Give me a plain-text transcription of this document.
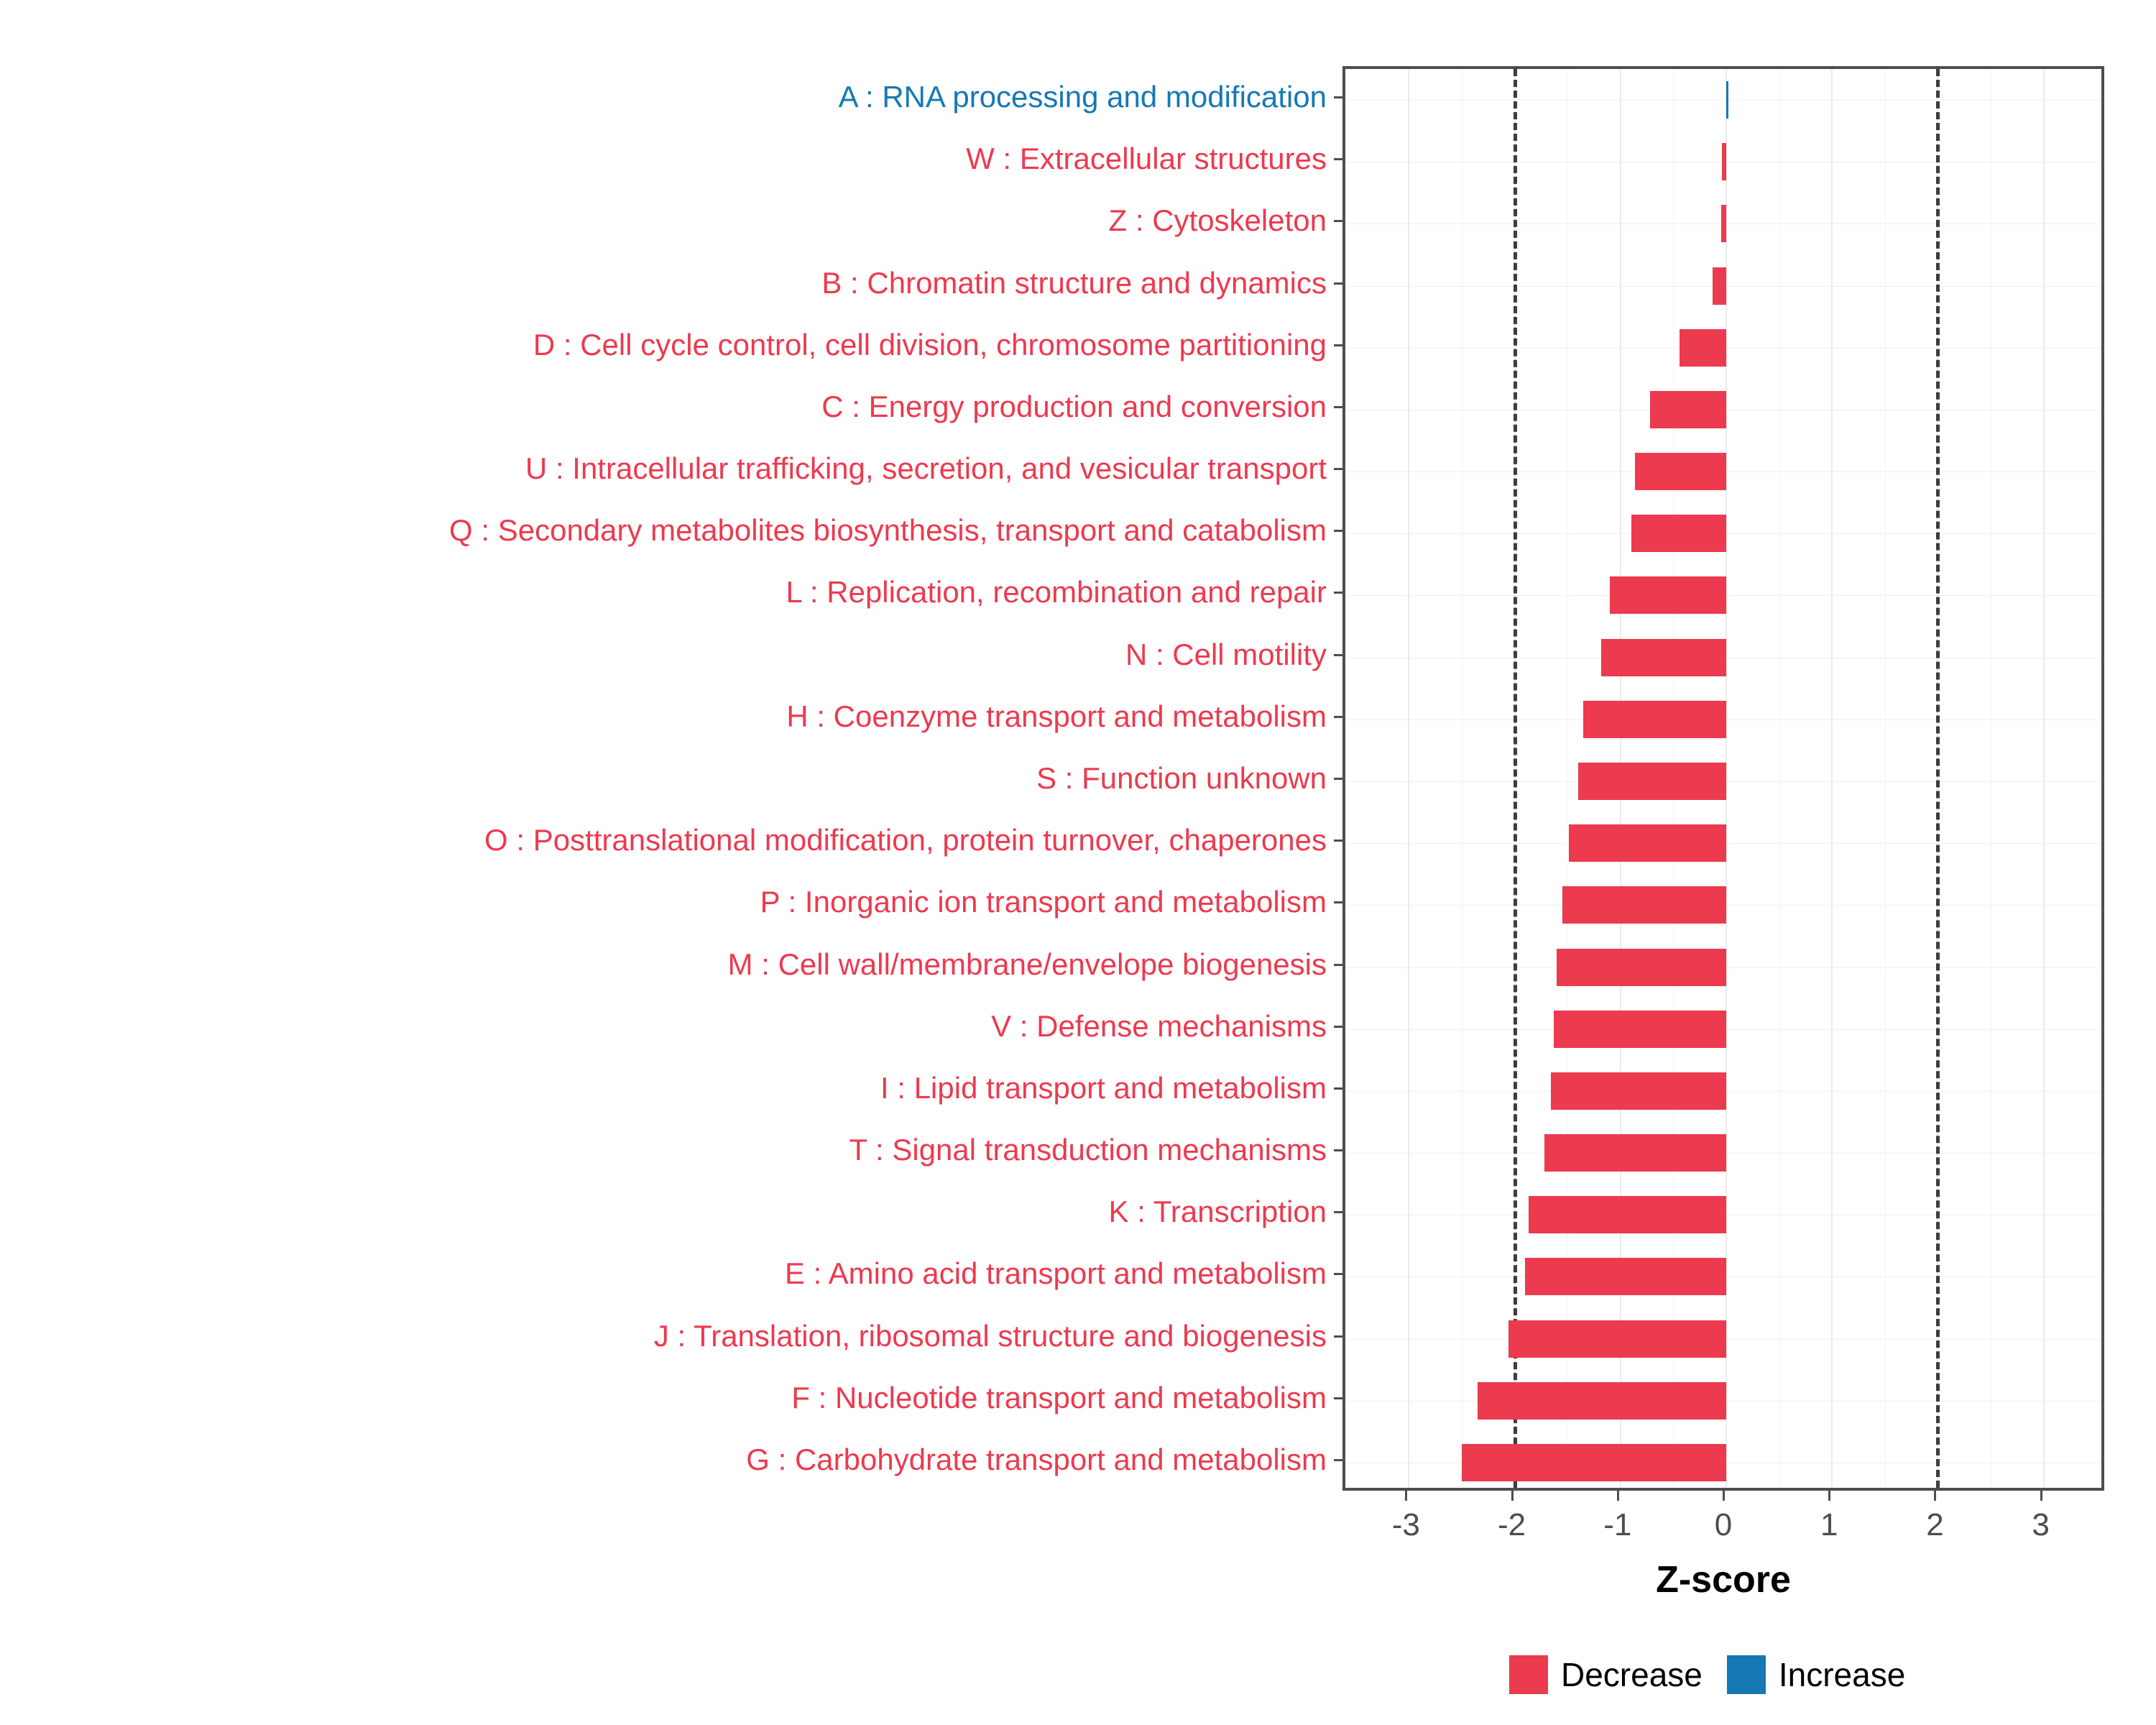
A : RNA processing and modification
W : Extracellular structures
Z : Cytoskeleton
B : Chromatin structure and dynamics
D : Cell cycle control, cell division, chromosome partitioning
C : Energy production and conversion
U : Intracellular trafficking, secretion, and vesicular transport
Q : Secondary metabolites biosynthesis, transport and catabolism
L : Replication, recombination and repair
N : Cell motility
H : Coenzyme transport and metabolism
S : Function unknown
O : Posttranslational modification, protein turnover, chaperones
P : Inorganic ion transport and metabolism
M : Cell wall/membrane/envelope biogenesis
V : Defense mechanisms
I : Lipid transport and metabolism
T : Signal transduction mechanisms
K : Transcription
E : Amino acid transport and metabolism
J : Translation, ribosomal structure and biogenesis
F : Nucleotide transport and metabolism
G : Carbohydrate transport and metabolism
-3	-2	-1	0	1	2	3
Z-score
Decrease Increase
